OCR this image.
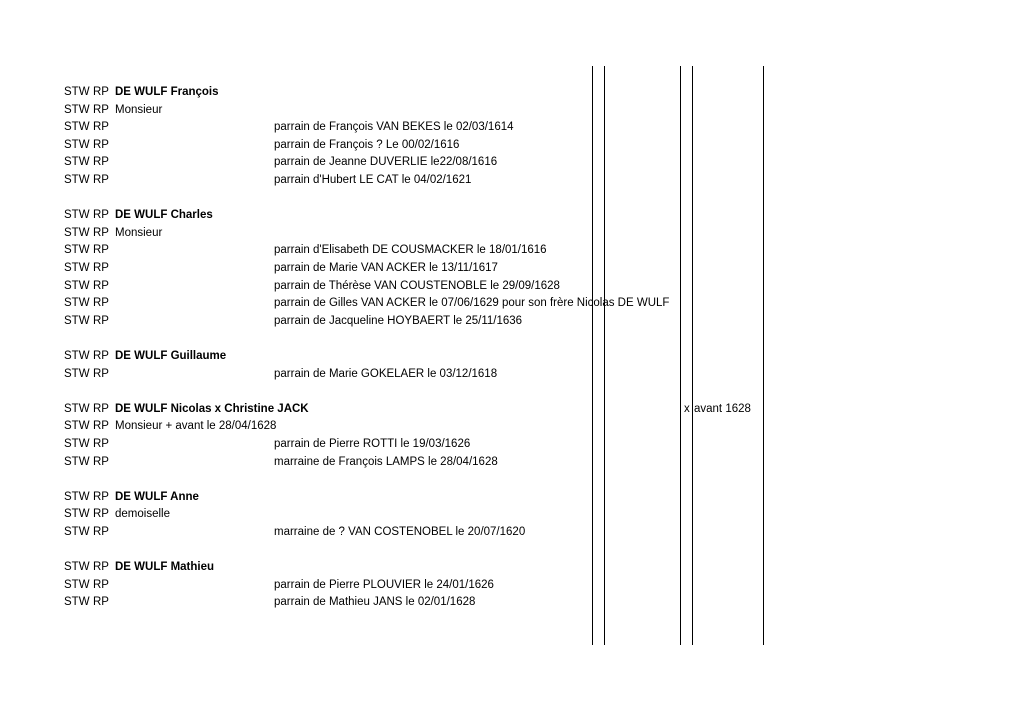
STW RP DE WULF François
STW RP Monsieur
STW RP	parrain de François VAN BEKES le 02/03/1614
STW RP	parrain de François ? Le 00/02/1616
STW RP	parrain de Jeanne DUVERLIE le22/08/1616
STW RP	parrain d'Hubert LE CAT le 04/02/1621
STW RP DE WULF Charles
STW RP Monsieur
STW RP	parrain d'Elisabeth DE COUSMACKER le 18/01/1616
STW RP	parrain de Marie VAN ACKER le 13/11/1617
STW RP	parrain de Thérèse VAN COUSTENOBLE le 29/09/1628
STW RP	parrain de Gilles VAN ACKER le 07/06/1629 pour son frère Nicolas DE WULF
STW RP	parrain de Jacqueline HOYBAERT le 25/11/1636
STW RP DE WULF Guillaume
STW RP	parrain de Marie GOKELAER le 03/12/1618
STW RP DE WULF Nicolas x Christine JACK	x avant 1628
STW RP Monsieur + avant le 28/04/1628
STW RP	parrain de Pierre ROTTI le 19/03/1626
STW RP	marraine de François LAMPS le 28/04/1628
STW RP DE WULF Anne
STW RP demoiselle
STW RP	marraine de ? VAN COSTENOBEL le 20/07/1620
STW RP DE WULF Mathieu
STW RP	parrain de Pierre PLOUVIER le 24/01/1626
STW RP	parrain de Mathieu JANS le 02/01/1628
